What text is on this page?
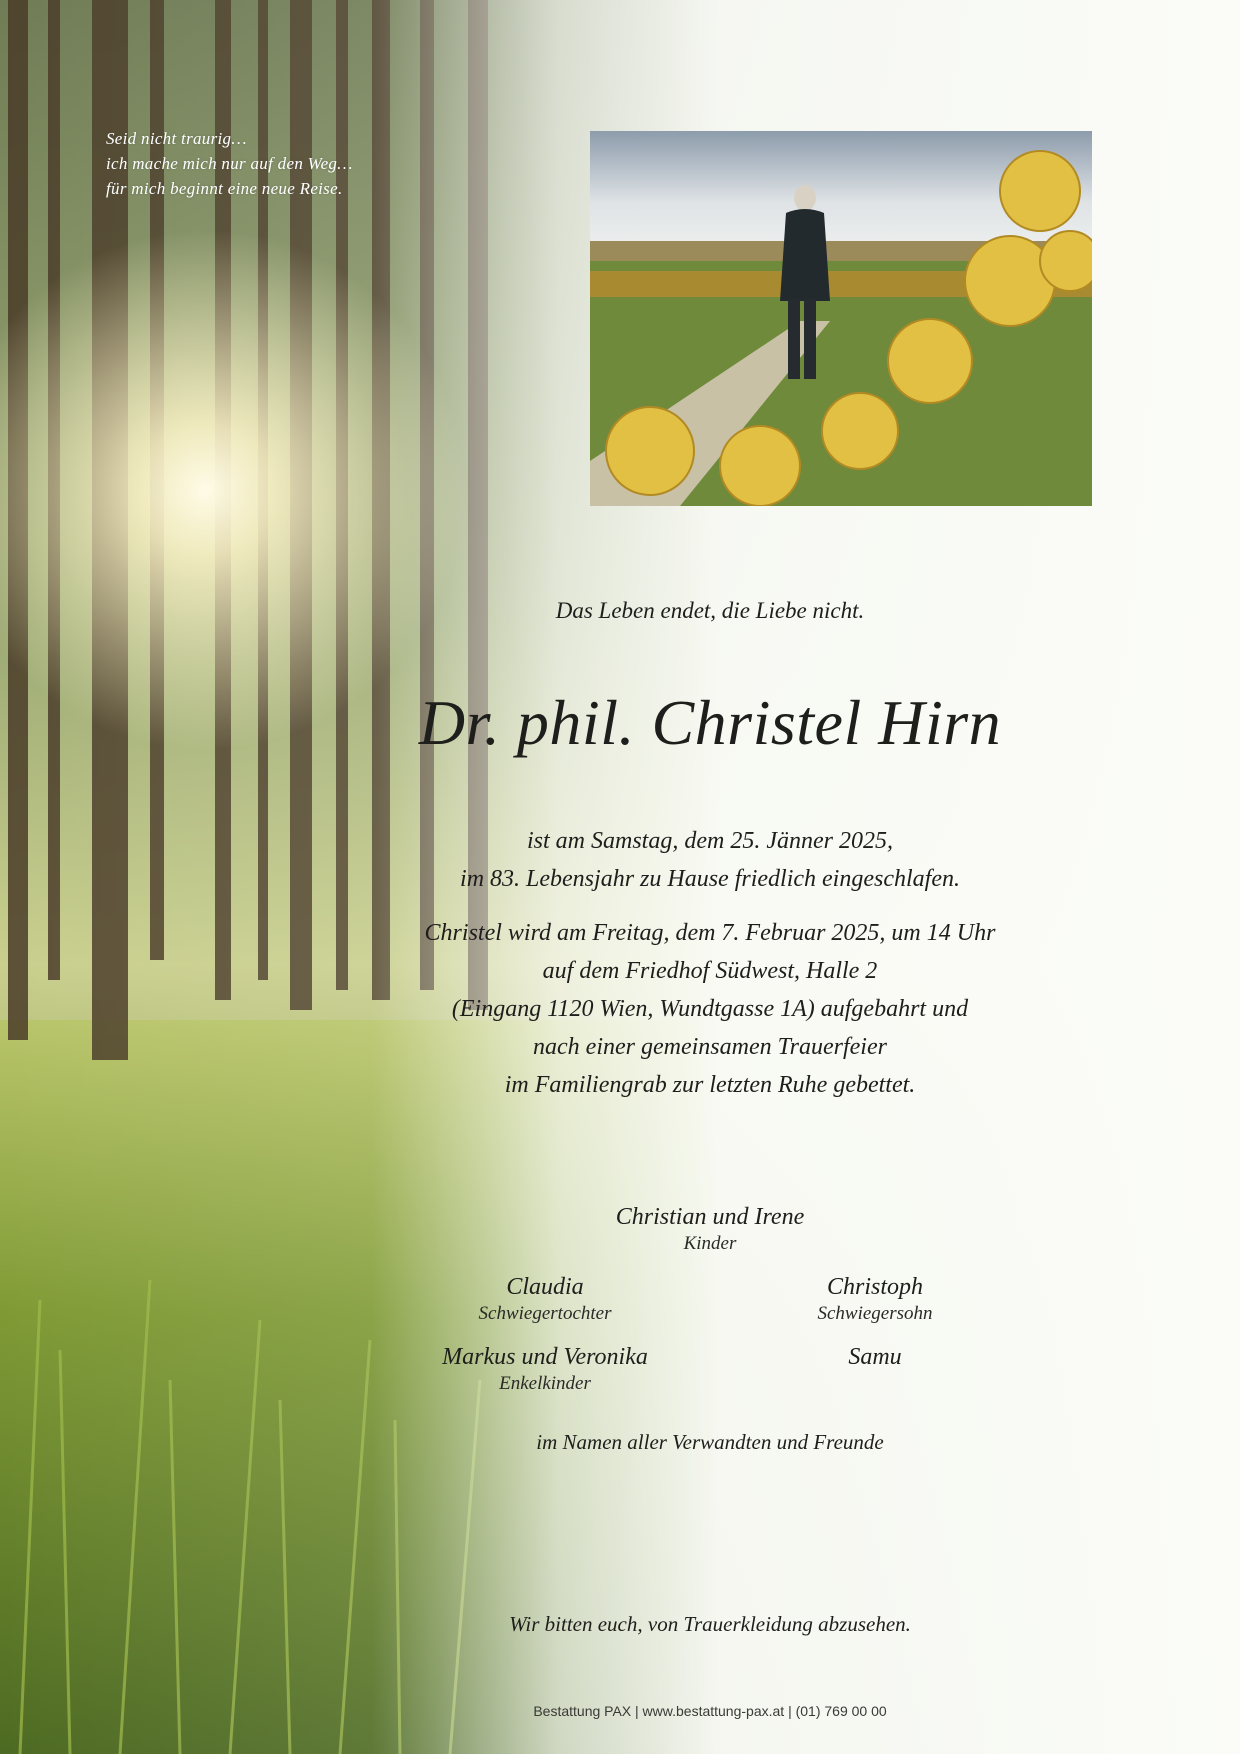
Seid nicht traurig…
ich mache mich nur auf den Weg…
für mich beginnt eine neue Reise.
Das Leben endet, die Liebe nicht.
Dr. phil. Christel Hirn
ist am Samstag, dem 25. Jänner 2025,
im 83. Lebensjahr zu Hause friedlich eingeschlafen.
Christel wird am Freitag, dem 7. Februar 2025, um 14 Uhr
auf dem Friedhof Südwest, Halle 2
(Eingang 1120 Wien, Wundtgasse 1A) aufgebahrt und
nach einer gemeinsamen Trauerfeier
im Familiengrab zur letzten Ruhe gebettet.
Christian und Irene
Kinder
Claudia
Schwiegertochter
Christoph
Schwiegersohn
Markus und Veronika
Enkelkinder
Samu
im Namen aller Verwandten und Freunde
Wir bitten euch, von Trauerkleidung abzusehen.
Bestattung PAX | www.bestattung-pax.at | (01) 769 00 00
